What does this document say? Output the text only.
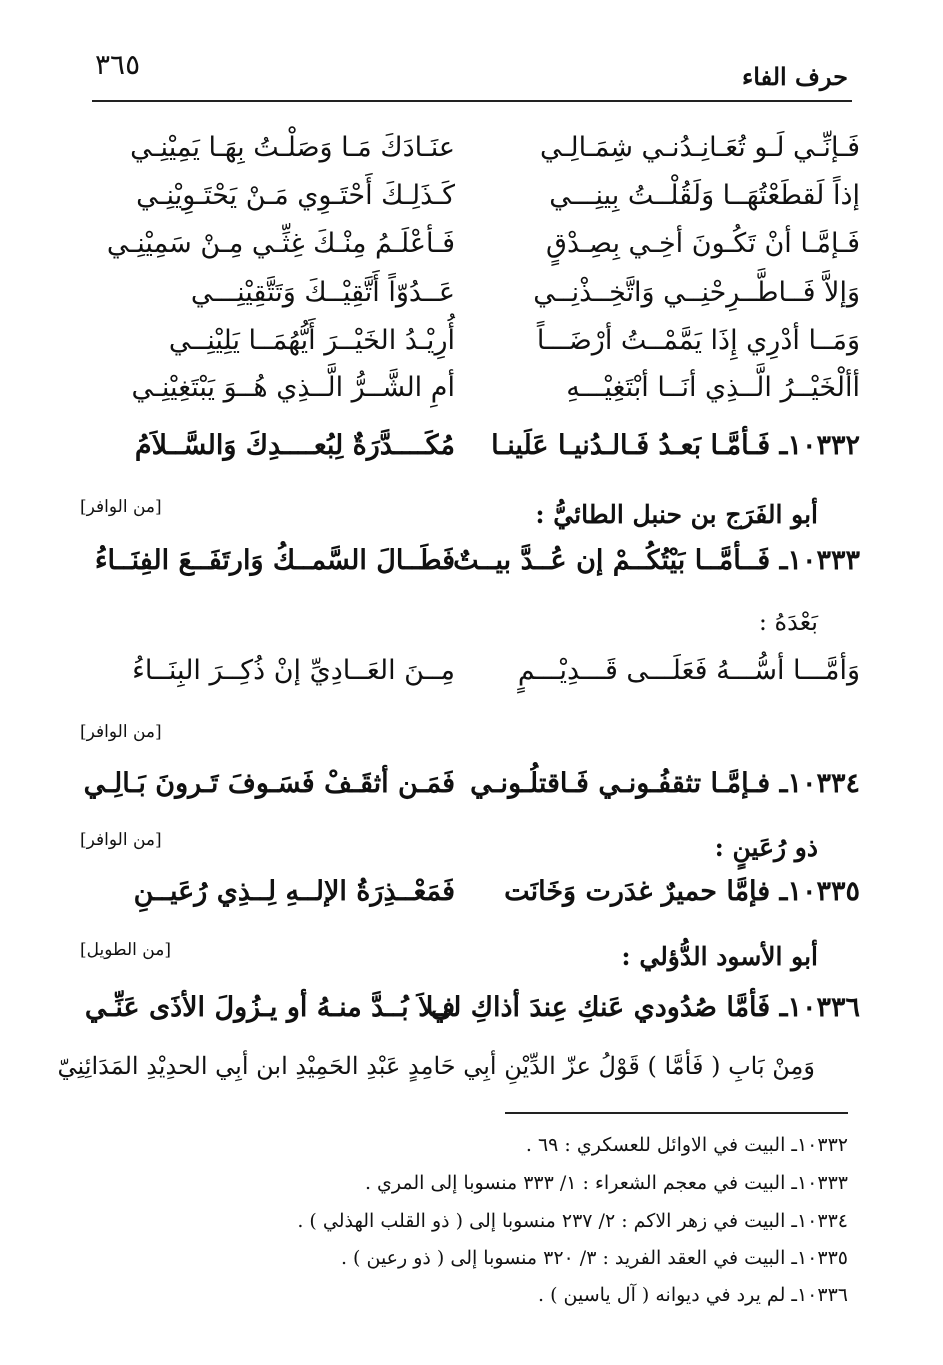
٣٦٥	حرف الفاء
فَـإنِّـي لَـو تُعَـانِـدُنـي شِمَـالِـي
عنَـادَكَ مَـا وَصَلْـتُ بِهَـا يَمِيْنِـي
إذاً لَقطَعْتُهَــا وَلَقُلْــتُ بِينِـــي
كَـذَلِـكَ أَحْتَـوِي مَـنْ يَحْتَـوِيْنِـي
فَـإمَّـا أنْ تَكُـونَ أخِـي بِصِـدْقٍ
فَـأعْلَـمُ مِنْـكَ غِثِّـي مِـنْ سَمِيْنِـي
وَإلاَّ فَــاطَّــرِحْنِــي وَاتَّخِــذْنِــي
عَــدُوّاً أَتَّقِيْــكَ وَتَتَّقِيْنِـــي
وَمَــا أدْرِي إِذَا يَمَّمْــتُ أرْضَـــاً
أُرِيْـدُ الخَيْــرَ أَيُّهُمَــا يَلِيْنِــي
أألْخَيْــرُ الَّــذِي أنَــا أبْتَغِيْـــهِ
أمِ الشَّــرُّ الَّــذِي هُــوَ يَبْتَغِيْنِـي
١٠٣٣٢ـ فَـأمَّـا بَعـدُ فَـالـدُنيـا عَلَينـا
مُكَــــدَّرَةٌ لِبُعــــدِكَ وَالسَّــلاَمُ
[من الوافر]	أبو الفَرَج بن حنبل الطائيُّ :
١٠٣٣٣ـ فَــأمَّــا بَيْتُكُــمْ إن عُــدَّ بيــتٌ
فَطَــالَ السَّمــكُ وَارتَفَــعَ الفِنَــاءُ
بَعْدَهُ :
وَأمَّـــا أسُّـــهُ فَعَلَـــى قَـــدِيْـــمٍ
مِــنَ العَــادِيِّ إنْ ذُكِــرَ البِنَــاءُ
[من الوافر]
١٠٣٣٤ـ فـإمَّـا تثقفُـونـي فَـاقتلُـونـي
فَمَـن أثقَـفْ فَسَـوفَ تَـرونَ بَـالِـي
[من الوافر]	ذو رُعَينٍ :
١٠٣٣٥ـ فإمَّا حميرٌ غدَرت وَخَانَت
فَمَعْــذِرَةُ الإلــهِ لِــذِي رُعَيــنِ
[من الطويل]	أبو الأسود الدُّؤلي :
١٠٣٣٦ـ فَأمَّا صُدُودي عَنكِ عِندَ أذاكِ لي
فـلاَ بُــدَّ منـهُ أو يـزُولَ الأذَى عَنِّـي
وَمِنْ بَابِ ( فَأمَّا ) قَوْلُ عزّ الدِّيْنِ أبِي حَامِدٍ عَبْدِ الحَمِيْدِ ابن أبِي الحدِيْدِ المَدَائِنِيّ
١٠٣٣٢ـ البيت في الاوائل للعسكري : ٦٩ .
١٠٣٣٣ـ البيت في معجم الشعراء : ١/ ٣٣٣ منسوبا إلى المري .
١٠٣٣٤ـ البيت في زهر الاكم : ٢/ ٢٣٧ منسوبا إلى ( ذو القلب الهذلي ) .
١٠٣٣٥ـ البيت في العقد الفريد : ٣/ ٣٢٠ منسوبا إلى ( ذو رعين ) .
١٠٣٣٦ـ لم يرد في ديوانه ( آل ياسين ) .
